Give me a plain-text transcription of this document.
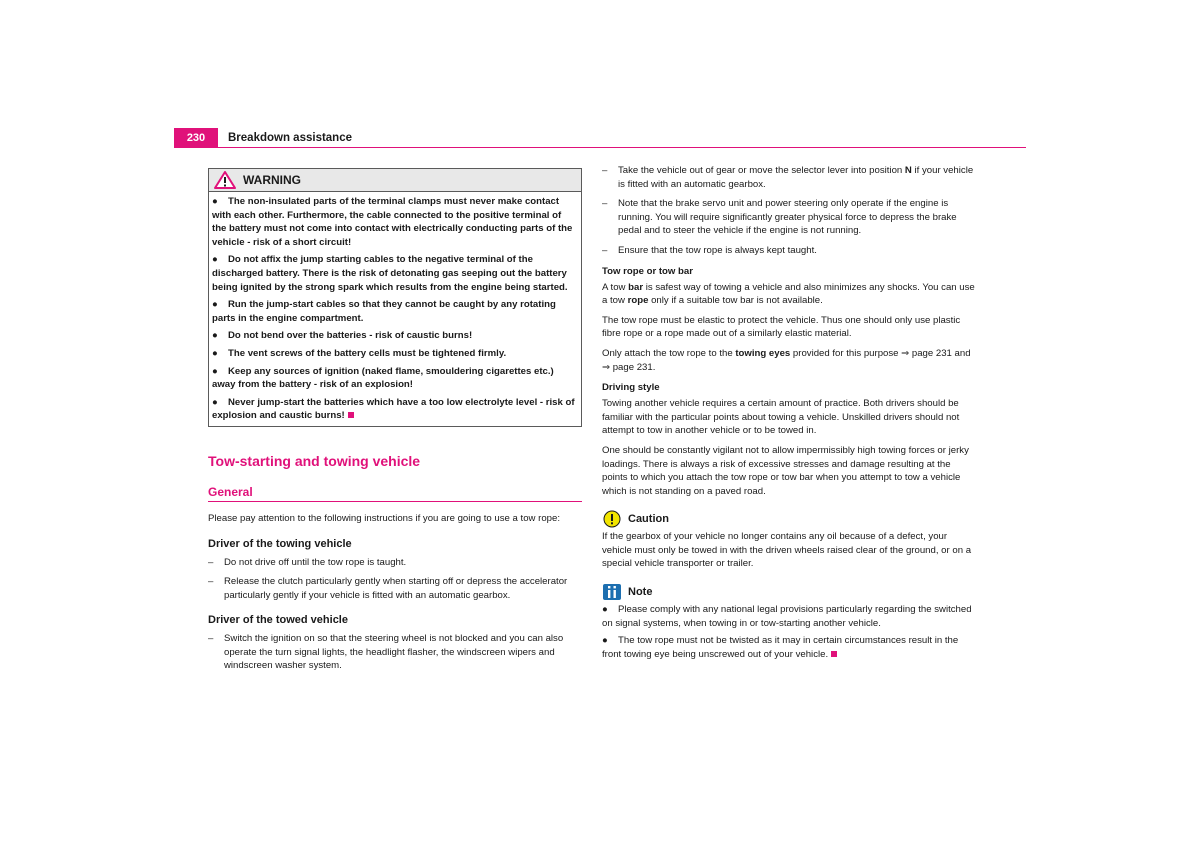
230	Breakdown assistance
WARNING

● The non-insulated parts of the terminal clamps must never make contact with each other. Furthermore, the cable connected to the positive terminal of the battery must not come into contact with electrically conducting parts of the vehicle - risk of a short circuit!

● Do not affix the jump starting cables to the negative terminal of the discharged battery. There is the risk of detonating gas seeping out the battery being ignited by the strong spark which results from the engine being started.

● Run the jump-start cables so that they cannot be caught by any rotating parts in the engine compartment.

● Do not bend over the batteries - risk of caustic burns!

● The vent screws of the battery cells must be tightened firmly.

● Keep any sources of ignition (naked flame, smouldering cigarettes etc.) away from the battery - risk of an explosion!

● Never jump-start the batteries which have a too low electrolyte level - risk of explosion and caustic burns!

Tow-starting and towing vehicle
General

Please pay attention to the following instructions if you are going to use a tow rope:

Driver of the towing vehicle

– Do not drive off until the tow rope is taught.

– Release the clutch particularly gently when starting off or depress the accelerator particularly gently if your vehicle is fitted with an automatic gearbox.

Driver of the towed vehicle

– Switch the ignition on so that the steering wheel is not blocked and you can also operate the turn signal lights, the headlight flasher, the windscreen wipers and windscreen washer system.

– Take the vehicle out of gear or move the selector lever into position N if your vehicle is fitted with an automatic gearbox.

– Note that the brake servo unit and power steering only operate if the engine is running. You will require significantly greater physical force to depress the brake pedal and to steer the vehicle if the engine is not running.

– Ensure that the tow rope is always kept taught.

Tow rope or tow bar

A tow bar is safest way of towing a vehicle and also minimizes any shocks. You can use a tow rope only if a suitable tow bar is not available.

The tow rope must be elastic to protect the vehicle. Thus one should only use plastic fibre rope or a rope made out of a similarly elastic material.

Only attach the tow rope to the towing eyes provided for this purpose ⇒ page 231 and ⇒ page 231.

Driving style

Towing another vehicle requires a certain amount of practice. Both drivers should be familiar with the particular points about towing a vehicle. Unskilled drivers should not attempt to tow in another vehicle or to be towed in.

One should be constantly vigilant not to allow impermissibly high towing forces or jerky loadings. There is always a risk of excessive stresses and damage resulting at the points to which you attach the tow rope or tow bar when you attempt to tow a vehicle which is not standing on a paved road.

Caution

If the gearbox of your vehicle no longer contains any oil because of a defect, your vehicle must only be towed in with the driven wheels raised clear of the ground, or on a special vehicle transporter or trailer.

Note

● Please comply with any national legal provisions particularly regarding the switched on signal systems, when towing in or tow-starting another vehicle.

● The tow rope must not be twisted as it may in certain circumstances result in the front towing eye being unscrewed out of your vehicle.
